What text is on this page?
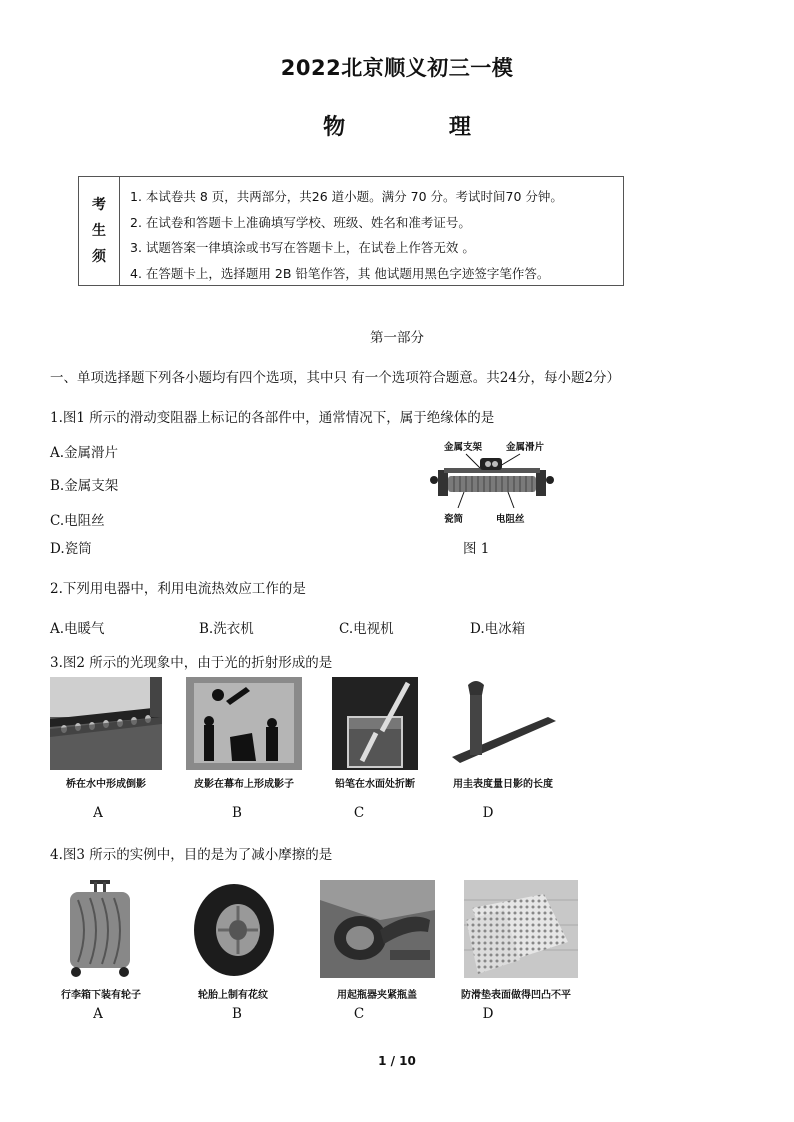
2022北京顺义初三一模
物 理
考
生
须
1. 本试卷共 8 页，共两部分，共26 道小题。满分 70 分。考试时间70 分钟。
2. 在试卷和答题卡上准确填写学校、班级、姓名和准考证号。
3. 试题答案一律填涂或书写在答题卡上，在试卷上作答无效 。
4. 在答题卡上，选择题用 2B 铅笔作答，其 他试题用黑色字迹签字笔作答。
第一部分
一、单项选择题下列各小题均有四个选项，其中只 有一个选项符合题意。共24分，每小题2分）
1.图1 所示的滑动变阻器上标记的各部件中，通常情况下，属于绝缘体的是
A.金属滑片
B.金属支架
C.电阻丝
D.瓷筒
金属支架	金属滑片
瓷筒	电阻丝
图 1
2.下列用电器中，利用电流热效应工作的是
A.电暖气	B.洗衣机	C.电视机	D.电冰箱
3.图2 所示的光现象中，由于光的折射形成的是
桥在水中形成倒影	皮影在幕布上形成影子	铅笔在水面处折断	用圭表度量日影的长度
A	B	C	D
4.图3 所示的实例中，目的是为了减小摩擦的是
行李箱下装有轮子	轮胎上制有花纹	用起瓶器夹紧瓶盖	防滑垫表面做得凹凸不平
A	B	C	D
1 / 10
